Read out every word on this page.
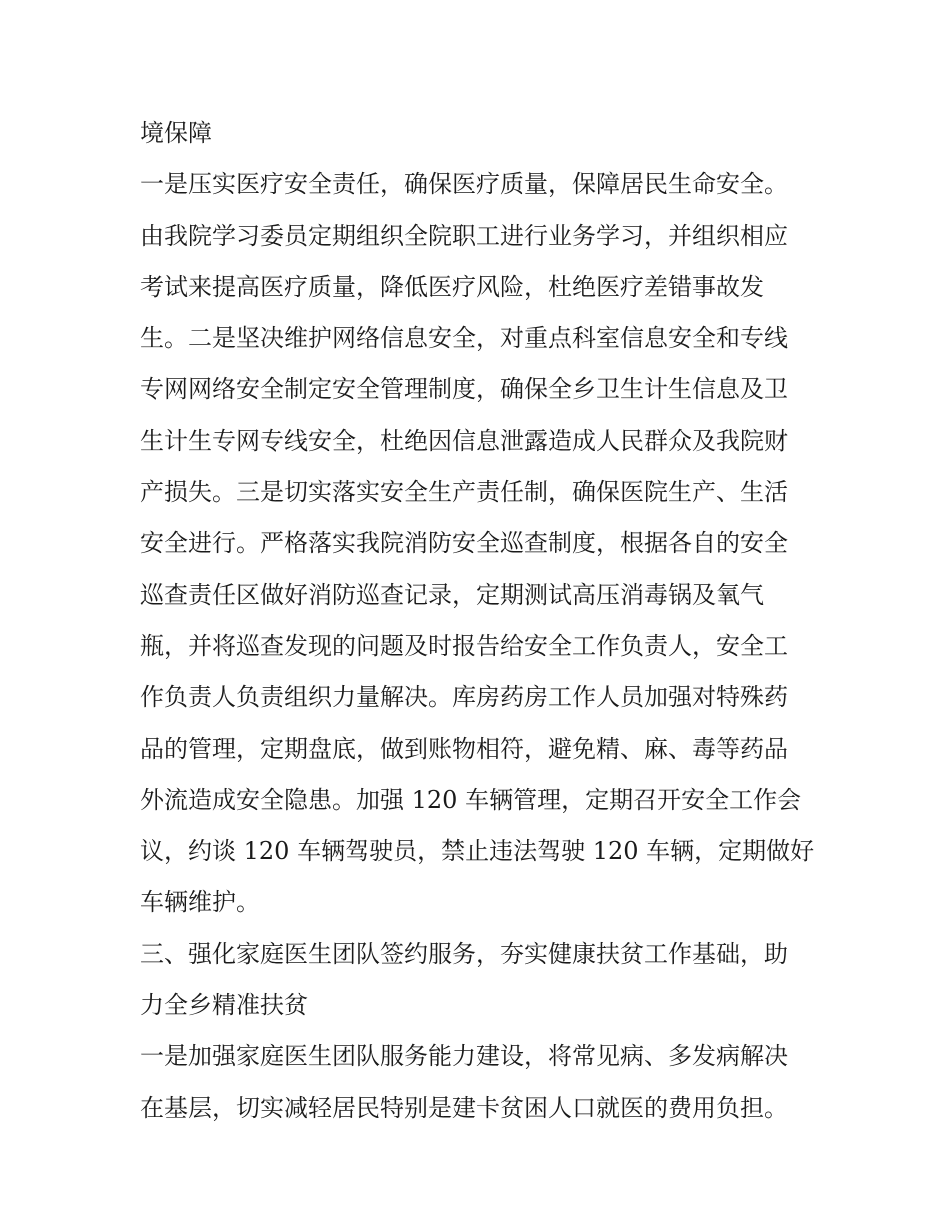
境保障
一是压实医疗安全责任，确保医疗质量，保障居民生命安全。
由我院学习委员定期组织全院职工进行业务学习，并组织相应
考试来提高医疗质量，降低医疗风险，杜绝医疗差错事故发
生。二是坚决维护网络信息安全，对重点科室信息安全和专线
专网网络安全制定安全管理制度，确保全乡卫生计生信息及卫
生计生专网专线安全，杜绝因信息泄露造成人民群众及我院财
产损失。三是切实落实安全生产责任制，确保医院生产、生活
安全进行。严格落实我院消防安全巡查制度，根据各自的安全
巡查责任区做好消防巡查记录，定期测试高压消毒锅及氧气
瓶，并将巡查发现的问题及时报告给安全工作负责人，安全工
作负责人负责组织力量解决。库房药房工作人员加强对特殊药
品的管理，定期盘底，做到账物相符，避免精、麻、毒等药品
外流造成安全隐患。加强 120 车辆管理，定期召开安全工作会
议，约谈 120 车辆驾驶员，禁止违法驾驶 120 车辆，定期做好
车辆维护。
三、强化家庭医生团队签约服务，夯实健康扶贫工作基础，助
力全乡精准扶贫
一是加强家庭医生团队服务能力建设，将常见病、多发病解决
在基层，切实减轻居民特别是建卡贫困人口就医的费用负担。
